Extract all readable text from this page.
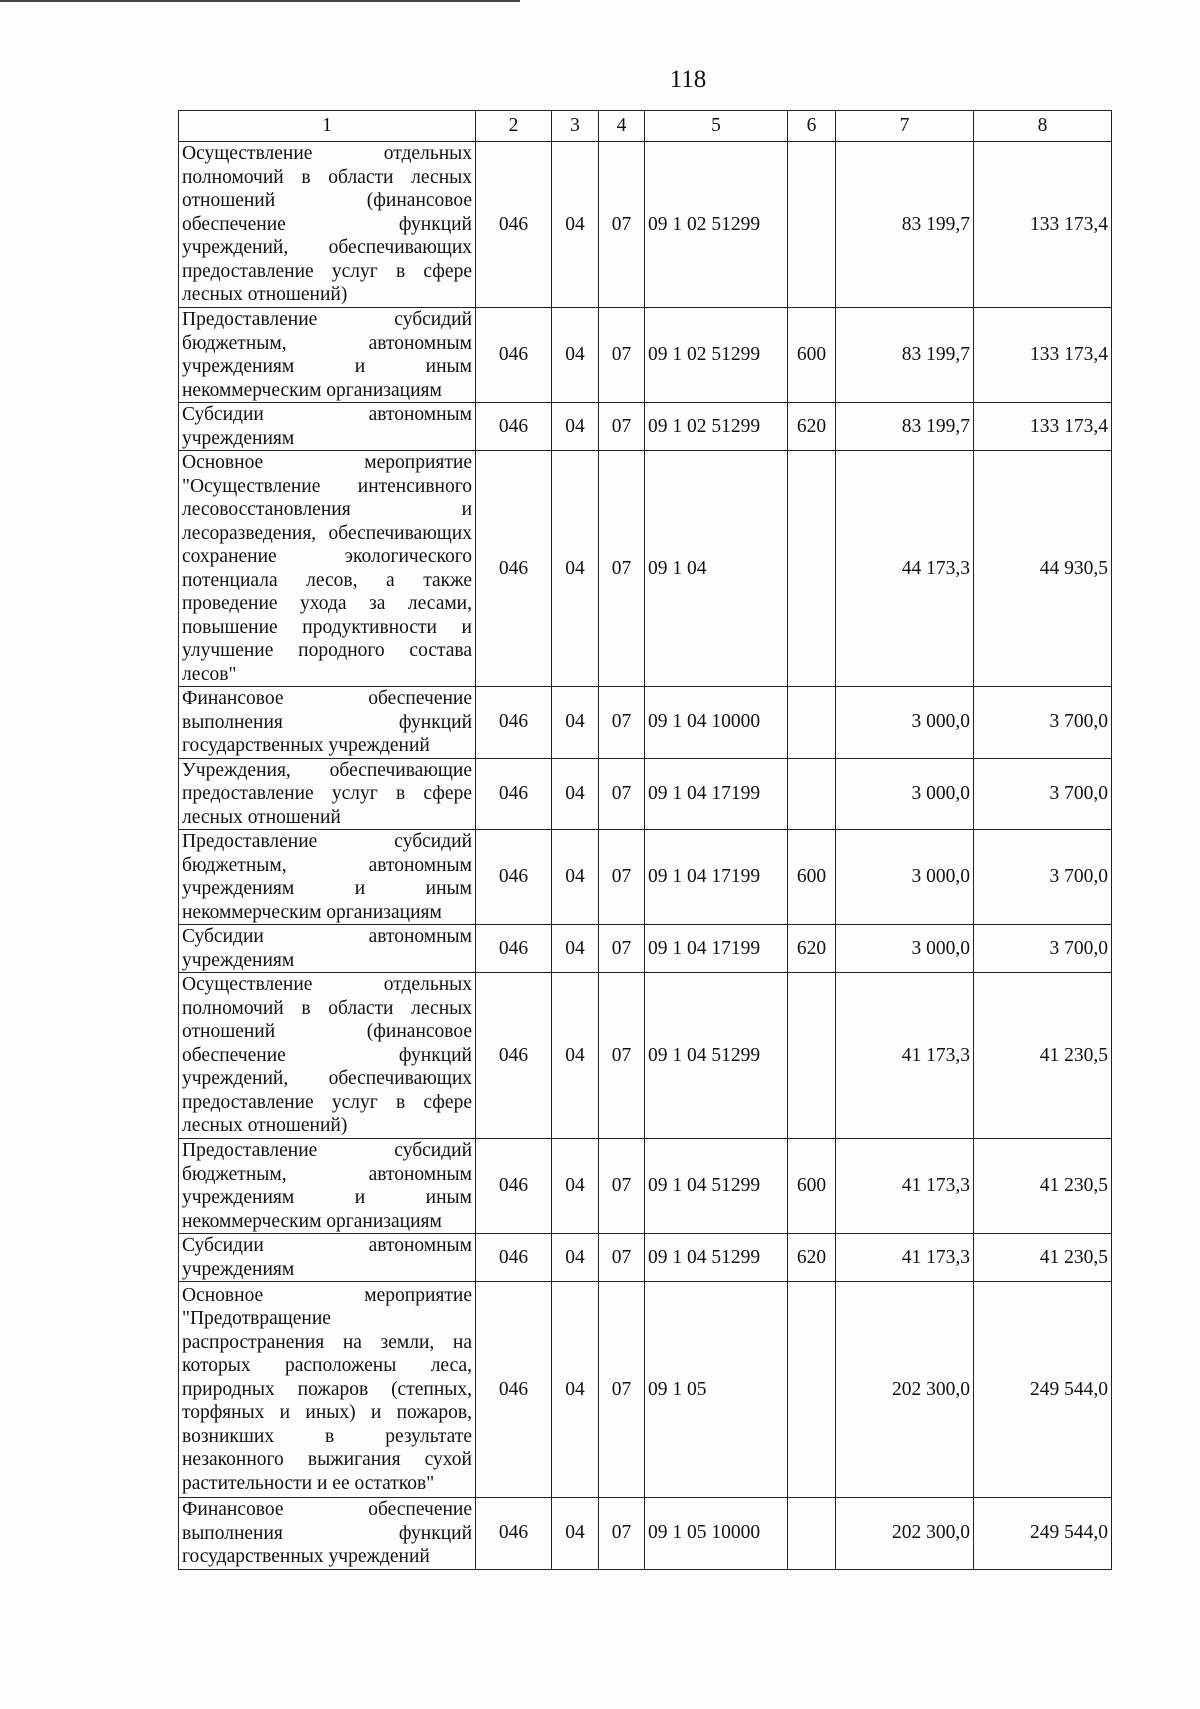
118
1	2	3	4	5	6	7	8
Осуществление отдельных полномочий в области лесных отношений (финансовое обеспечение функций учреждений, обеспечивающих предоставление услуг в сфере лесных отношений)	046	04	07	09 1 02 51299		83 199,7	133 173,4
Предоставление субсидий бюджетным, автономным учреждениям и иным некоммерческим организациям	046	04	07	09 1 02 51299	600	83 199,7	133 173,4
Субсидии автономным учреждениям	046	04	07	09 1 02 51299	620	83 199,7	133 173,4
Основное мероприятие "Осуществление интенсивного лесовосстановления и лесоразведения, обеспечивающих сохранение экологического потенциала лесов, а также проведение ухода за лесами, повышение продуктивности и улучшение породного состава лесов"	046	04	07	09 1 04		44 173,3	44 930,5
Финансовое обеспечение выполнения функций государственных учреждений	046	04	07	09 1 04 10000		3 000,0	3 700,0
Учреждения, обеспечивающие предоставление услуг в сфере лесных отношений	046	04	07	09 1 04 17199		3 000,0	3 700,0
Предоставление субсидий бюджетным, автономным учреждениям и иным некоммерческим организациям	046	04	07	09 1 04 17199	600	3 000,0	3 700,0
Субсидии автономным учреждениям	046	04	07	09 1 04 17199	620	3 000,0	3 700,0
Осуществление отдельных полномочий в области лесных отношений (финансовое обеспечение функций учреждений, обеспечивающих предоставление услуг в сфере лесных отношений)	046	04	07	09 1 04 51299		41 173,3	41 230,5
Предоставление субсидий бюджетным, автономным учреждениям и иным некоммерческим организациям	046	04	07	09 1 04 51299	600	41 173,3	41 230,5
Субсидии автономным учреждениям	046	04	07	09 1 04 51299	620	41 173,3	41 230,5
Основное мероприятие "Предотвращение распространения на земли, на которых расположены леса, природных пожаров (степных, торфяных и иных) и пожаров, возникших в результате незаконного выжигания сухой растительности и ее остатков"	046	04	07	09 1 05		202 300,0	249 544,0
Финансовое обеспечение выполнения функций государственных учреждений	046	04	07	09 1 05 10000		202 300,0	249 544,0
